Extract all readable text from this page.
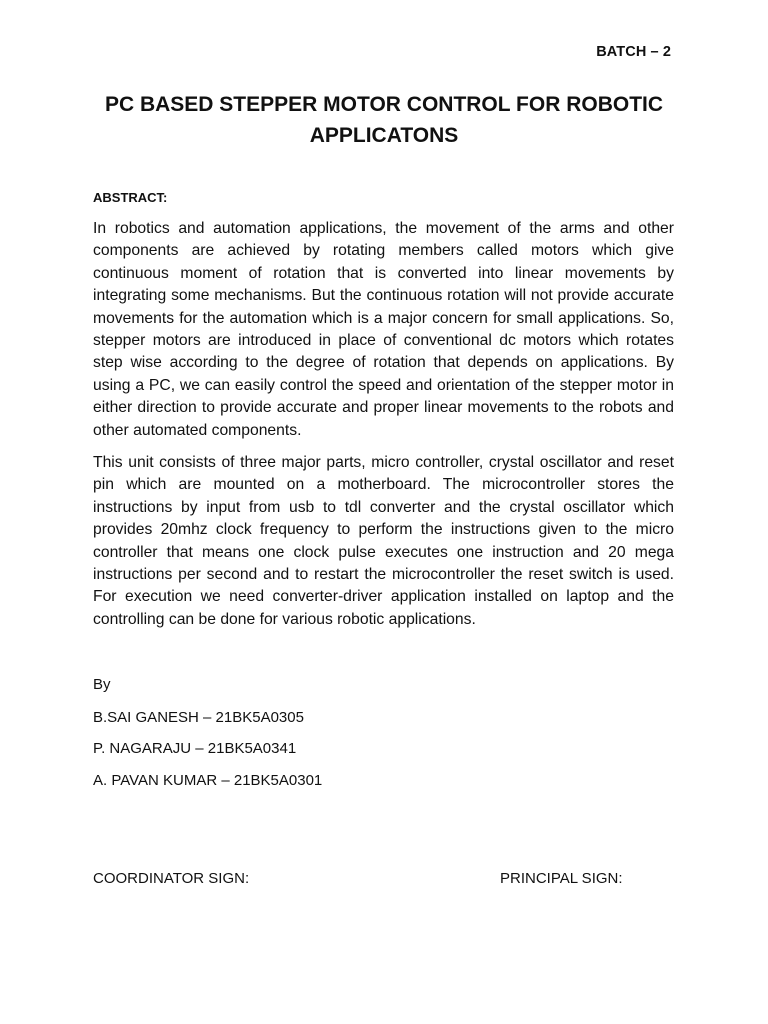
BATCH – 2
PC BASED STEPPER MOTOR CONTROL FOR ROBOTIC APPLICATONS

ABSTRACT:

In robotics and automation applications, the movement of the arms and other components are achieved by rotating members called motors which give continuous moment of rotation that is converted into linear movements by integrating some mechanisms. But the continuous rotation will not provide accurate movements for the automation which is a major concern for small applications. So, stepper motors are introduced in place of conventional dc motors which rotates step wise according to the degree of rotation that depends on applications. By using a PC, we can easily control the speed and orientation of the stepper motor in either direction to provide accurate and proper linear movements to the robots and other automated components.

This unit consists of three major parts, micro controller, crystal oscillator and reset pin which are mounted on a motherboard. The microcontroller stores the instructions by input from usb to tdl converter and the crystal oscillator which provides 20mhz clock frequency to perform the instructions given to the micro controller that means one clock pulse executes one instruction and 20 mega instructions per second and to restart the microcontroller the reset switch is used. For execution we need converter-driver application installed on laptop and the controlling can be done for various robotic applications.

By

B.SAI GANESH – 21BK5A0305

P. NAGARAJU – 21BK5A0341

A. PAVAN KUMAR – 21BK5A0301

COORDINATOR SIGN:	PRINCIPAL SIGN:
